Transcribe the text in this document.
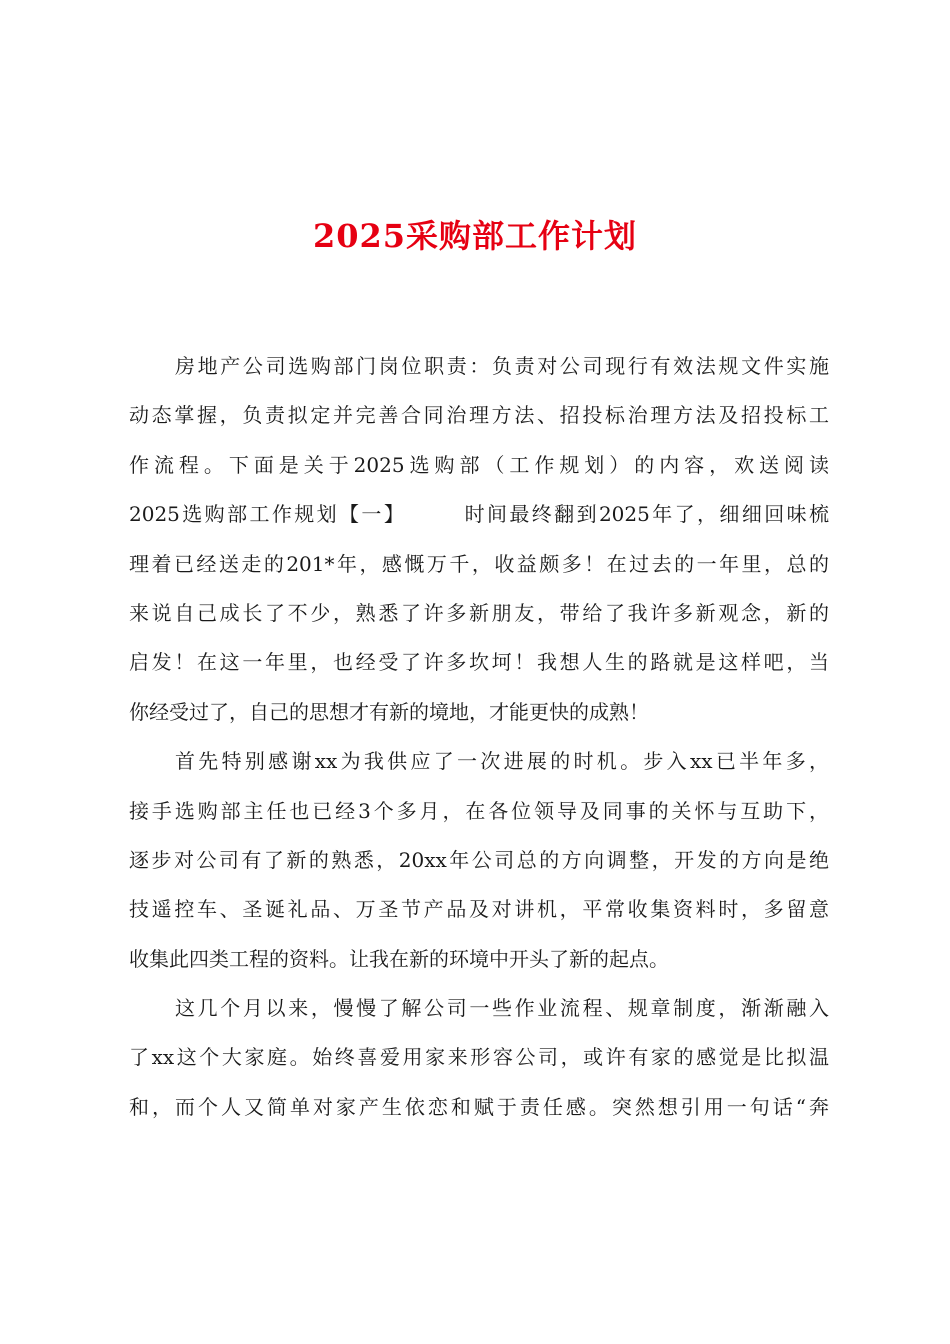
2025采购部工作计划
房地产公司选购部门岗位职责：负责对公司现行有效法规文件实施
动态掌握，负责拟定并完善合同治理方法、招投标治理方法及招投标工
作流程。下面是关于2025选购部（工作规划）的内容，欢送阅读
2025选购部工作规划【一】	时间最终翻到2025年了，细细回味梳
理着已经送走的201*年，感慨万千，收益颇多！在过去的一年里，总的
来说自己成长了不少，熟悉了许多新朋友，带给了我许多新观念，新的
启发！在这一年里，也经受了许多坎坷！我想人生的路就是这样吧，当
你经受过了，自己的思想才有新的境地，才能更快的成熟！
首先特别感谢xx为我供应了一次进展的时机。步入xx已半年多，
接手选购部主任也已经3个多月，在各位领导及同事的关怀与互助下，
逐步对公司有了新的熟悉，20xx年公司总的方向调整，开发的方向是绝
技遥控车、圣诞礼品、万圣节产品及对讲机，平常收集资料时，多留意
收集此四类工程的资料。让我在新的环境中开头了新的起点。
这几个月以来，慢慢了解公司一些作业流程、规章制度，渐渐融入
了xx这个大家庭。始终喜爱用家来形容公司，或许有家的感觉是比拟温
和，而个人又简单对家产生依恋和赋于责任感。突然想引用一句话“奔
